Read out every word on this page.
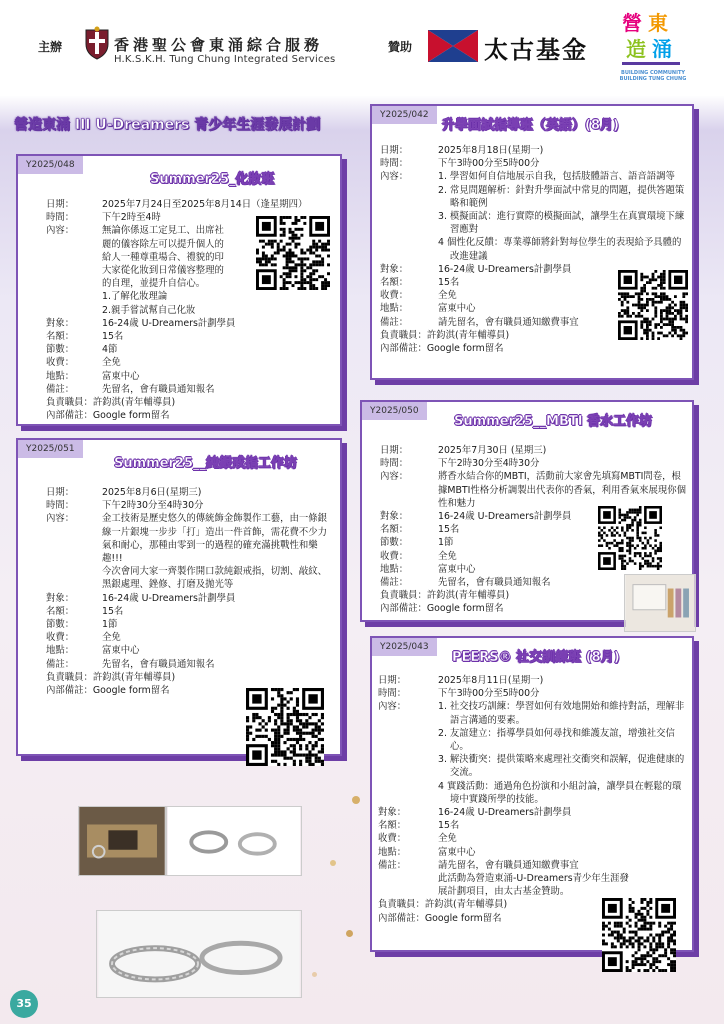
主辦	香港聖公會東涌綜合服務
H.K.S.K.H. Tung Chung Integrated Services
贊助	太古基金
營 東
造 涌
BUILDING COMMUNITY BUILDING TUNG CHUNG
營造東涌 III U-Dreamers 青少年生涯發展計劃
Y2025/048
Summer25_化妝班
日期：	2025年7月24日至2025年8月14日（逢星期四）
時間：	下午2時至4時
內容：	無論你係返工定見工、出席社
麗的儀容除左可以提升個人的
給人一種尊重場合、禮貌的印
大家從化妝到日常儀容整理的
的自理，並提升自信心。
1.了解化妝理論
2.親手嘗試幫自己化妝
對象：	16-24歲 U-Dreamers計劃學員
名額：	15名
節數：	4節
收費：	全免
地點：	富東中心
備註：	先留名，會有職員通知報名
負責職員： 許鈞淇(青年輔導員)
內部備註： Google form留名
Y2025/051
Summer25__純銀戒指工作坊
日期：	2025年8月6日(星期三)
時間：	下午2時30分至4時30分
內容：	金工技術是歷史悠久的傳統飾金飾製作工藝，由一條銀線一片銀塊一步步「打」造出一件首飾，需花費不少力氣和耐心，那種由零到一的過程的確充滿挑戰性和樂趣!!!
今次會同大家一齊製作開口款純銀戒指，切割、敲紋、黑銀處理、銼修、打磨及拋光等
對象：	16-24歲 U-Dreamers計劃學員
名額：	15名
節數：	1節
收費：	全免
地點：	富東中心
備註：	先留名，會有職員通知報名
負責職員： 許鈞淇(青年輔導員)
內部備註： Google form留名
Y2025/042
升學面試指導班（英語）(8月)
日期：	2025年8月18日(星期一)
時間：	下午3時00分至5時00分
內容：	1. 學習如何自信地展示自我，包括肢體語言、語音語調等
2. 常見問題解析：針對升學面試中常見的問題，提供答題策略和範例
3. 模擬面試：進行實際的模擬面試，讓學生在真實環境下練習應對
4 個性化反饋：專業導師將針對每位學生的表現給予具體的改進建議
對象：	16-24歲 U-Dreamers計劃學員
名額：	15名
收費：	全免
地點：	富東中心
備註：	請先留名，會有職員通知繳費事宜
負責職員： 許鈞淇(青年輔導員)
內部備註： Google form留名
Y2025/050
Summer25__MBTI 香水工作坊
日期：	2025年7月30日 (星期三)
時間：	下午2時30分至4時30分
內容：	將香水結合你的MBTI，活動前大家會先填寫MBTI問卷，根據MBTI性格分析調製出代表你的香氣，利用香氣來展現你個性和魅力
對象：	16-24歲 U-Dreamers計劃學員
名額：	15名
節數：	1節
收費：	全免
地點：	富東中心
備註：	先留名，會有職員通知報名
負責職員： 許鈞淇(青年輔導員)
內部備註： Google form留名
Y2025/043
PEERS® 社交訓練班 (8月)
日期：	2025年8月11日(星期一)
時間：	下午3時00分至5時00分
內容：	1. 社交技巧訓練：學習如何有效地開始和維持對話，理解非語言溝通的要素。
2. 友誼建立：指導學員如何尋找和維護友誼，增強社交信心。
3. 解決衝突：提供策略來處理社交衝突和誤解，促進健康的交流。
4 實踐活動：通過角色扮演和小組討論，讓學員在輕鬆的環境中實踐所學的技能。
對象：	16-24歲 U-Dreamers計劃學員
名額：	15名
收費：	全免
地點：	富東中心
備註：	請先留名，會有職員通知繳費事宜
此活動為營造東涌-U-Dreamers青少年生涯發展計劃項目，由太古基金贊助。
負責職員： 許鈞淇(青年輔導員)
內部備註： Google form留名
35
